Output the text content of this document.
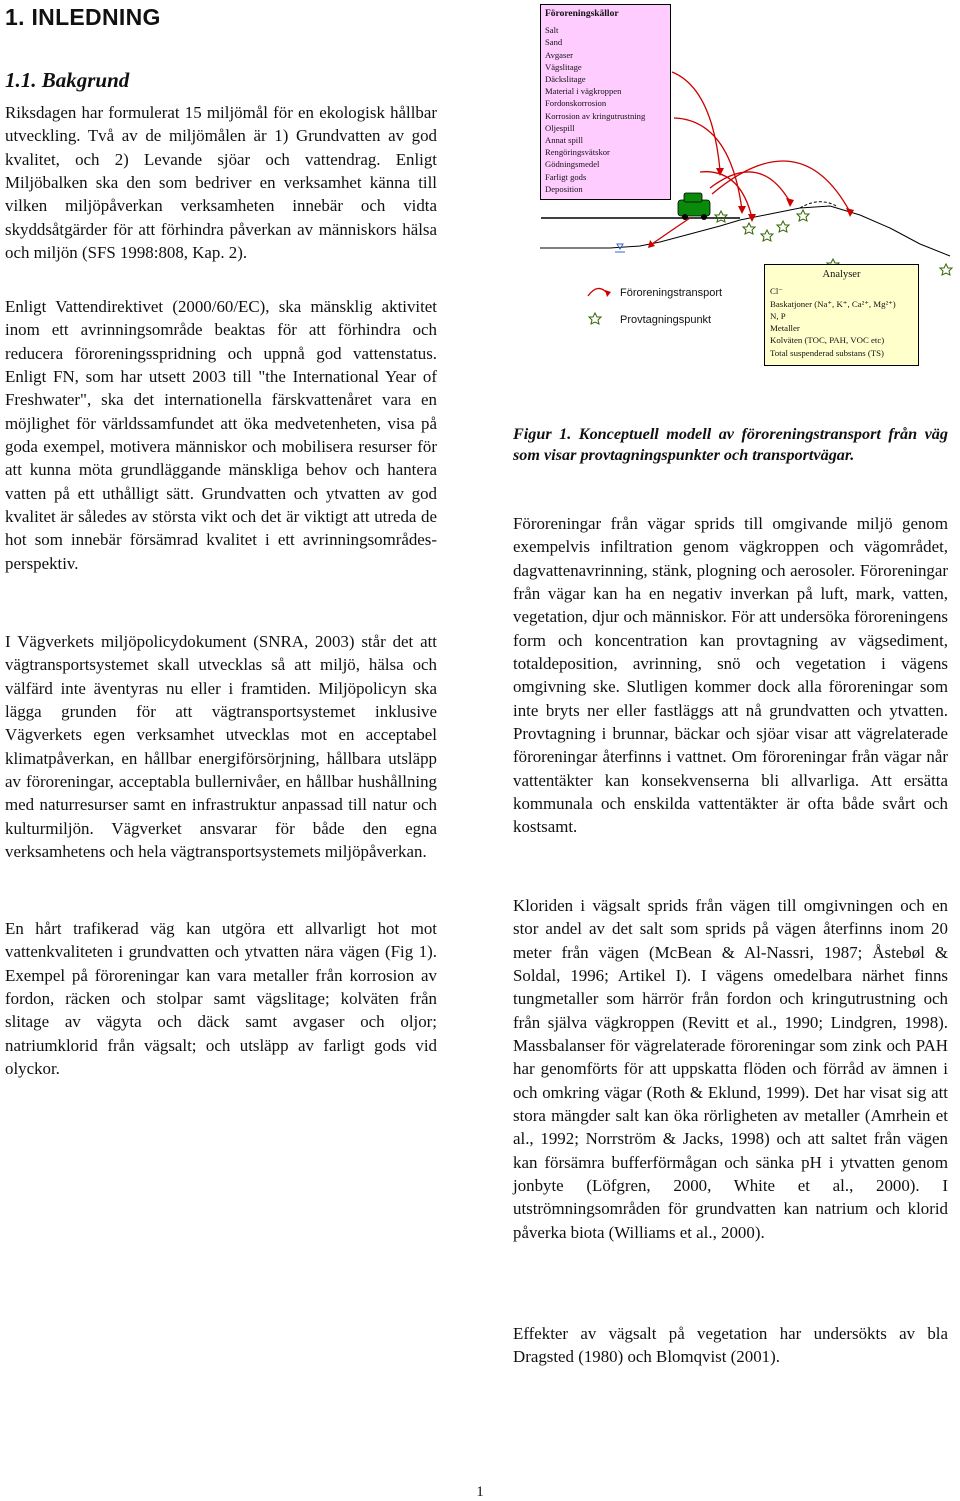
1. INLEDNING
1.1. Bakgrund

Riksdagen har formulerat 15 miljömål för en ekologisk hållbar utveckling. Två av de miljömålen är 1) Grundvatten av god kvalitet, och 2) Levande sjöar och vattendrag. Enligt Miljöbalken ska den som bedriver en verksamhet känna till vilken miljöpåverkan verksamheten innebär och vidta skyddsåtgärder för att förhindra påverkan av människors hälsa och miljön (SFS 1998:808, Kap. 2).

Enligt Vattendirektivet (2000/60/EC), ska mänsklig aktivitet inom ett avrinningsområde beaktas för att förhindra och reducera föroreningsspridning och uppnå god vattenstatus. Enligt FN, som har utsett 2003 till "the International Year of Freshwater", ska det internationella färskvattenåret vara en möjlighet för världssamfundet att öka medvetenheten, visa på goda exempel, motivera människor och mobilisera resurser för att kunna möta grundläggande mänskliga behov och hantera vatten på ett uthålligt sätt. Grundvatten och ytvatten av god kvalitet är således av största vikt och det är viktigt att utreda de hot som innebär försämrad kvalitet i ett avrinningsområdes-perspektiv.

I Vägverkets miljöpolicydokument (SNRA, 2003) står det att vägtransportsystemet skall utvecklas så att miljö, hälsa och välfärd inte äventyras nu eller i framtiden. Miljöpolicyn ska lägga grunden för att vägtransportsystemet inklusive Vägverkets egen verksamhet utvecklas mot en acceptabel klimatpåverkan, en hållbar energiförsörjning, hållbara utsläpp av föroreningar, acceptabla bullernivåer, en hållbar hushållning med naturresurser samt en infrastruktur anpassad till natur och kulturmiljön. Vägverket ansvarar för både den egna verksamhetens och hela vägtransportsystemets miljöpåverkan.

En hårt trafikerad väg kan utgöra ett allvarligt hot mot vattenkvaliteten i grundvatten och ytvatten nära vägen (Fig 1). Exempel på föroreningar kan vara metaller från korrosion av fordon, räcken och stolpar samt vägslitage; kolväten från slitage av vägyta och däck samt avgaser och oljor; natriumklorid från vägsalt; och utsläpp av farligt gods vid olyckor.

Föroreningskällor
Salt
Sand
Avgaser
Vägslitage
Däckslitage
Material i vägkroppen
Fordonskorrosion
Korrosion av kringutrustning
Oljespill
Annat spill
Rengöringsvätskor
Gödningsmedel
Farligt gods
Deposition
Föroreningstransport
Provtagningspunkt
Analyser
Cl⁻
Baskatjoner (Na⁺, K⁺, Ca²⁺, Mg²⁺)
N, P
Metaller
Kolväten (TOC, PAH, VOC etc)
Total suspenderad substans (TS)
Figur 1. Konceptuell modell av föroreningstransport från väg som visar provtagningspunkter och transportvägar.

Föroreningar från vägar sprids till omgivande miljö genom exempelvis infiltration genom vägkroppen och vägområdet, dagvattenavrinning, stänk, plogning och aerosoler. Föroreningar från vägar kan ha en negativ inverkan på luft, mark, vatten, vegetation, djur och människor. För att undersöka föroreningens form och koncentration kan provtagning av vägsediment, totaldeposition, avrinning, snö och vegetation i vägens omgivning ske. Slutligen kommer dock alla föroreningar som inte bryts ner eller fastläggs att nå grundvatten och ytvatten. Provtagning i brunnar, bäckar och sjöar visar att vägrelaterade föroreningar återfinns i vattnet. Om föroreningar från vägar når vattentäkter kan konsekvenserna bli allvarliga. Att ersätta kommunala och enskilda vattentäkter är ofta både svårt och kostsamt.

Kloriden i vägsalt sprids från vägen till omgivningen och en stor andel av det salt som sprids på vägen återfinns inom 20 meter från vägen (McBean & Al-Nassri, 1987; Åstebøl & Soldal, 1996; Artikel I). I vägens omedelbara närhet finns tungmetaller som härrör från fordon och kringutrustning och från själva vägkroppen (Revitt et al., 1990; Lindgren, 1998). Massbalanser för vägrelaterade föroreningar som zink och PAH har genomförts för att uppskatta flöden och förråd av ämnen i och omkring vägar (Roth & Eklund, 1999). Det har visat sig att stora mängder salt kan öka rörligheten av metaller (Amrhein et al., 1992; Norrström & Jacks, 1998) och att saltet från vägen kan försämra bufferförmågan och sänka pH i ytvatten genom jonbyte (Löfgren, 2000, White et al., 2000). I utströmningsområden för grundvatten kan natrium och klorid påverka biota (Williams et al., 2000).

Effekter av vägsalt på vegetation har undersökts av bla Dragsted (1980) och Blomqvist (2001).

1
